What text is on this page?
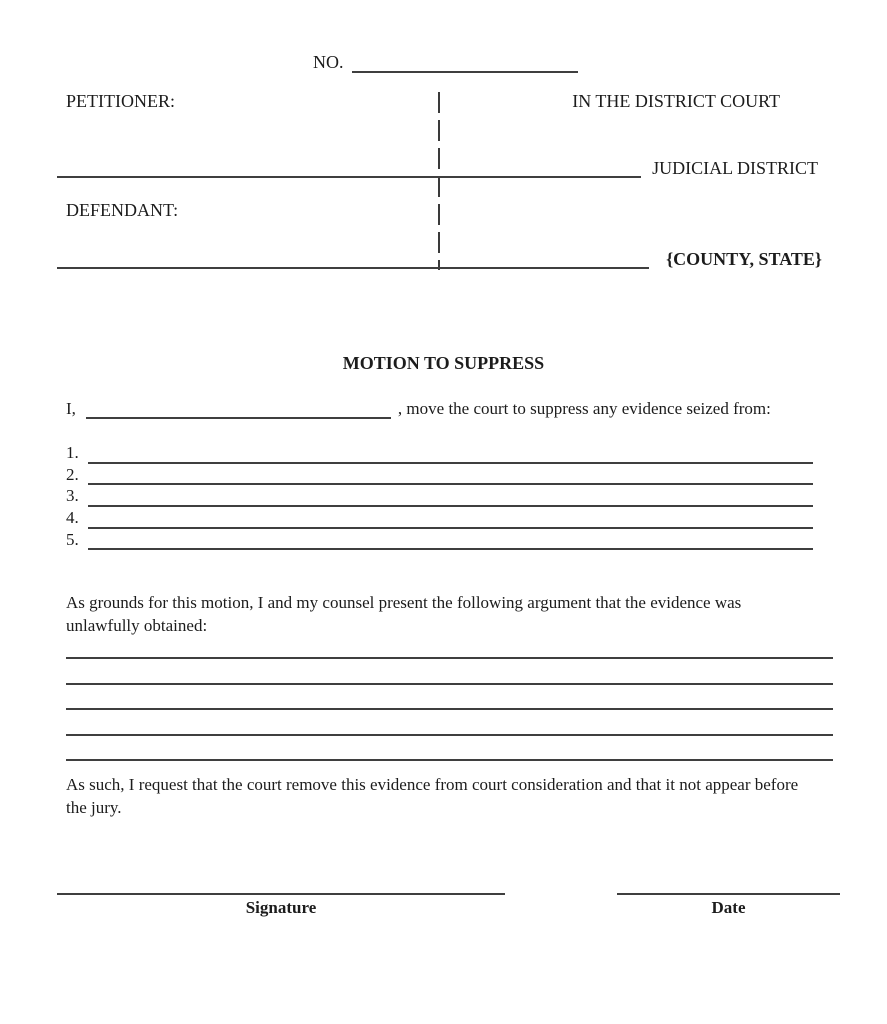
NO.
PETITIONER:	IN THE DISTRICT COURT
JUDICIAL DISTRICT
DEFENDANT:
{COUNTY, STATE}
MOTION TO SUPPRESS
I,	, move the court to suppress any evidence seized from:
1.
2.
3.
4.
5.
As grounds for this motion, I and my counsel present the following argument that the evidence was unlawfully obtained:
As such, I request that the court remove this evidence from court consideration and that it not appear before the jury.
Signature	Date
